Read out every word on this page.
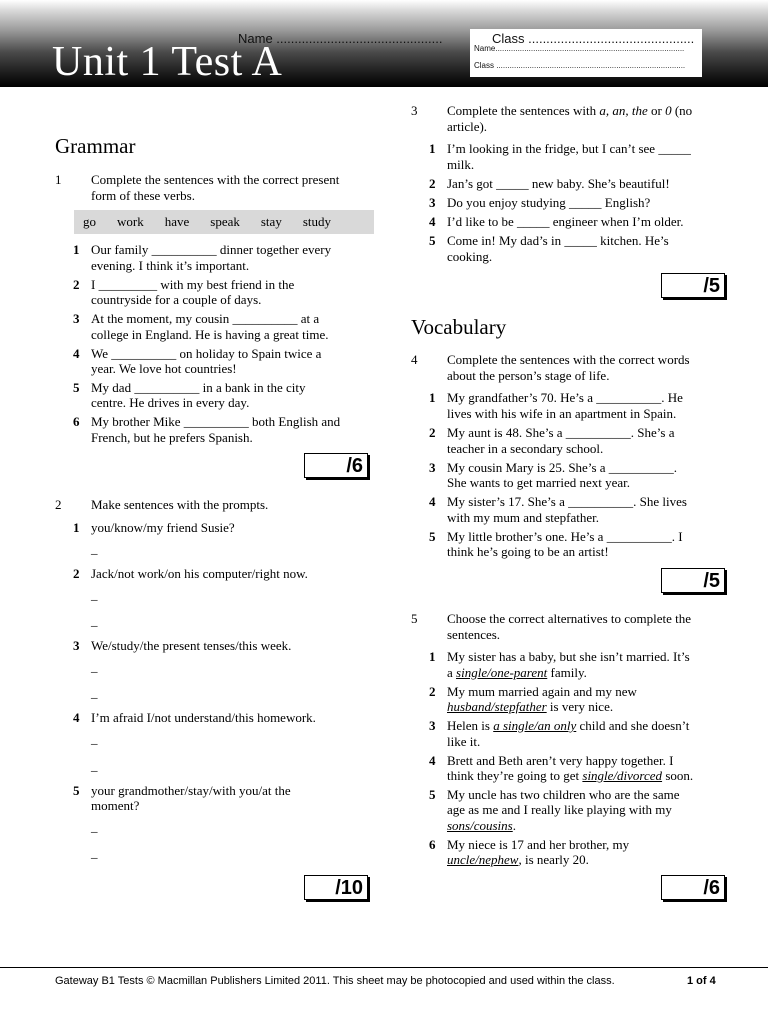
Unit 1 Test A
Name ..............................................
Name.....................................................................................
Class .....................................................................................
Class ..............................................
Grammar
1 Complete the sentences with the correct present
form of these verbs.
go work have speak stay study
1 Our family __________ dinner together every
evening. I think it’s important.
2 I _________ with my best friend in the
countryside for a couple of days.
3 At the moment, my cousin __________ at a
college in England. He is having a great time.
4 We __________ on holiday to Spain twice a
year. We love hot countries!
5 My dad __________ in a bank in the city
centre. He drives in every day.
6 My brother Mike __________ both English and
French, but he prefers Spanish.
/6
2 Make sentences with the prompts.
1 you/know/my friend Susie?
_
2 Jack/not work/on his computer/right now.
_
_
3 We/study/the present tenses/this week.
_
_
4 I’m afraid I/not understand/this homework.
_
_
5 your grandmother/stay/with you/at the
moment?
_
_
/10
3 Complete the sentences with a, an, the or 0 (no
article).
1 I’m looking in the fridge, but I can’t see _____
milk.
2 Jan’s got _____ new baby. She’s beautiful!
3 Do you enjoy studying _____ English?
4 I’d like to be _____ engineer when I’m older.
5 Come in! My dad’s in _____ kitchen. He’s
cooking.
/5
Vocabulary
4 Complete the sentences with the correct words
about the person’s stage of life.
1 My grandfather’s 70. He’s a __________. He
lives with his wife in an apartment in Spain.
2 My aunt is 48. She’s a __________. She’s a
teacher in a secondary school.
3 My cousin Mary is 25. She’s a __________.
She wants to get married next year.
4 My sister’s 17. She’s a __________. She lives
with my mum and stepfather.
5 My little brother’s one. He’s a __________. I
think he’s going to be an artist!
/5
5 Choose the correct alternatives to complete the
sentences.
1 My sister has a baby, but she isn’t married. It’s
a single/one-parent family.
2 My mum married again and my new
husband/stepfather is very nice.
3 Helen is a single/an only child and she doesn’t
like it.
4 Brett and Beth aren’t very happy together. I
think they’re going to get single/divorced soon.
5 My uncle has two children who are the same
age as me and I really like playing with my
sons/cousins.
6 My niece is 17 and her brother, my
uncle/nephew, is nearly 20.
/6
Gateway B1 Tests © Macmillan Publishers Limited 2011. This sheet may be photocopied and used within the class.	1 of 4
